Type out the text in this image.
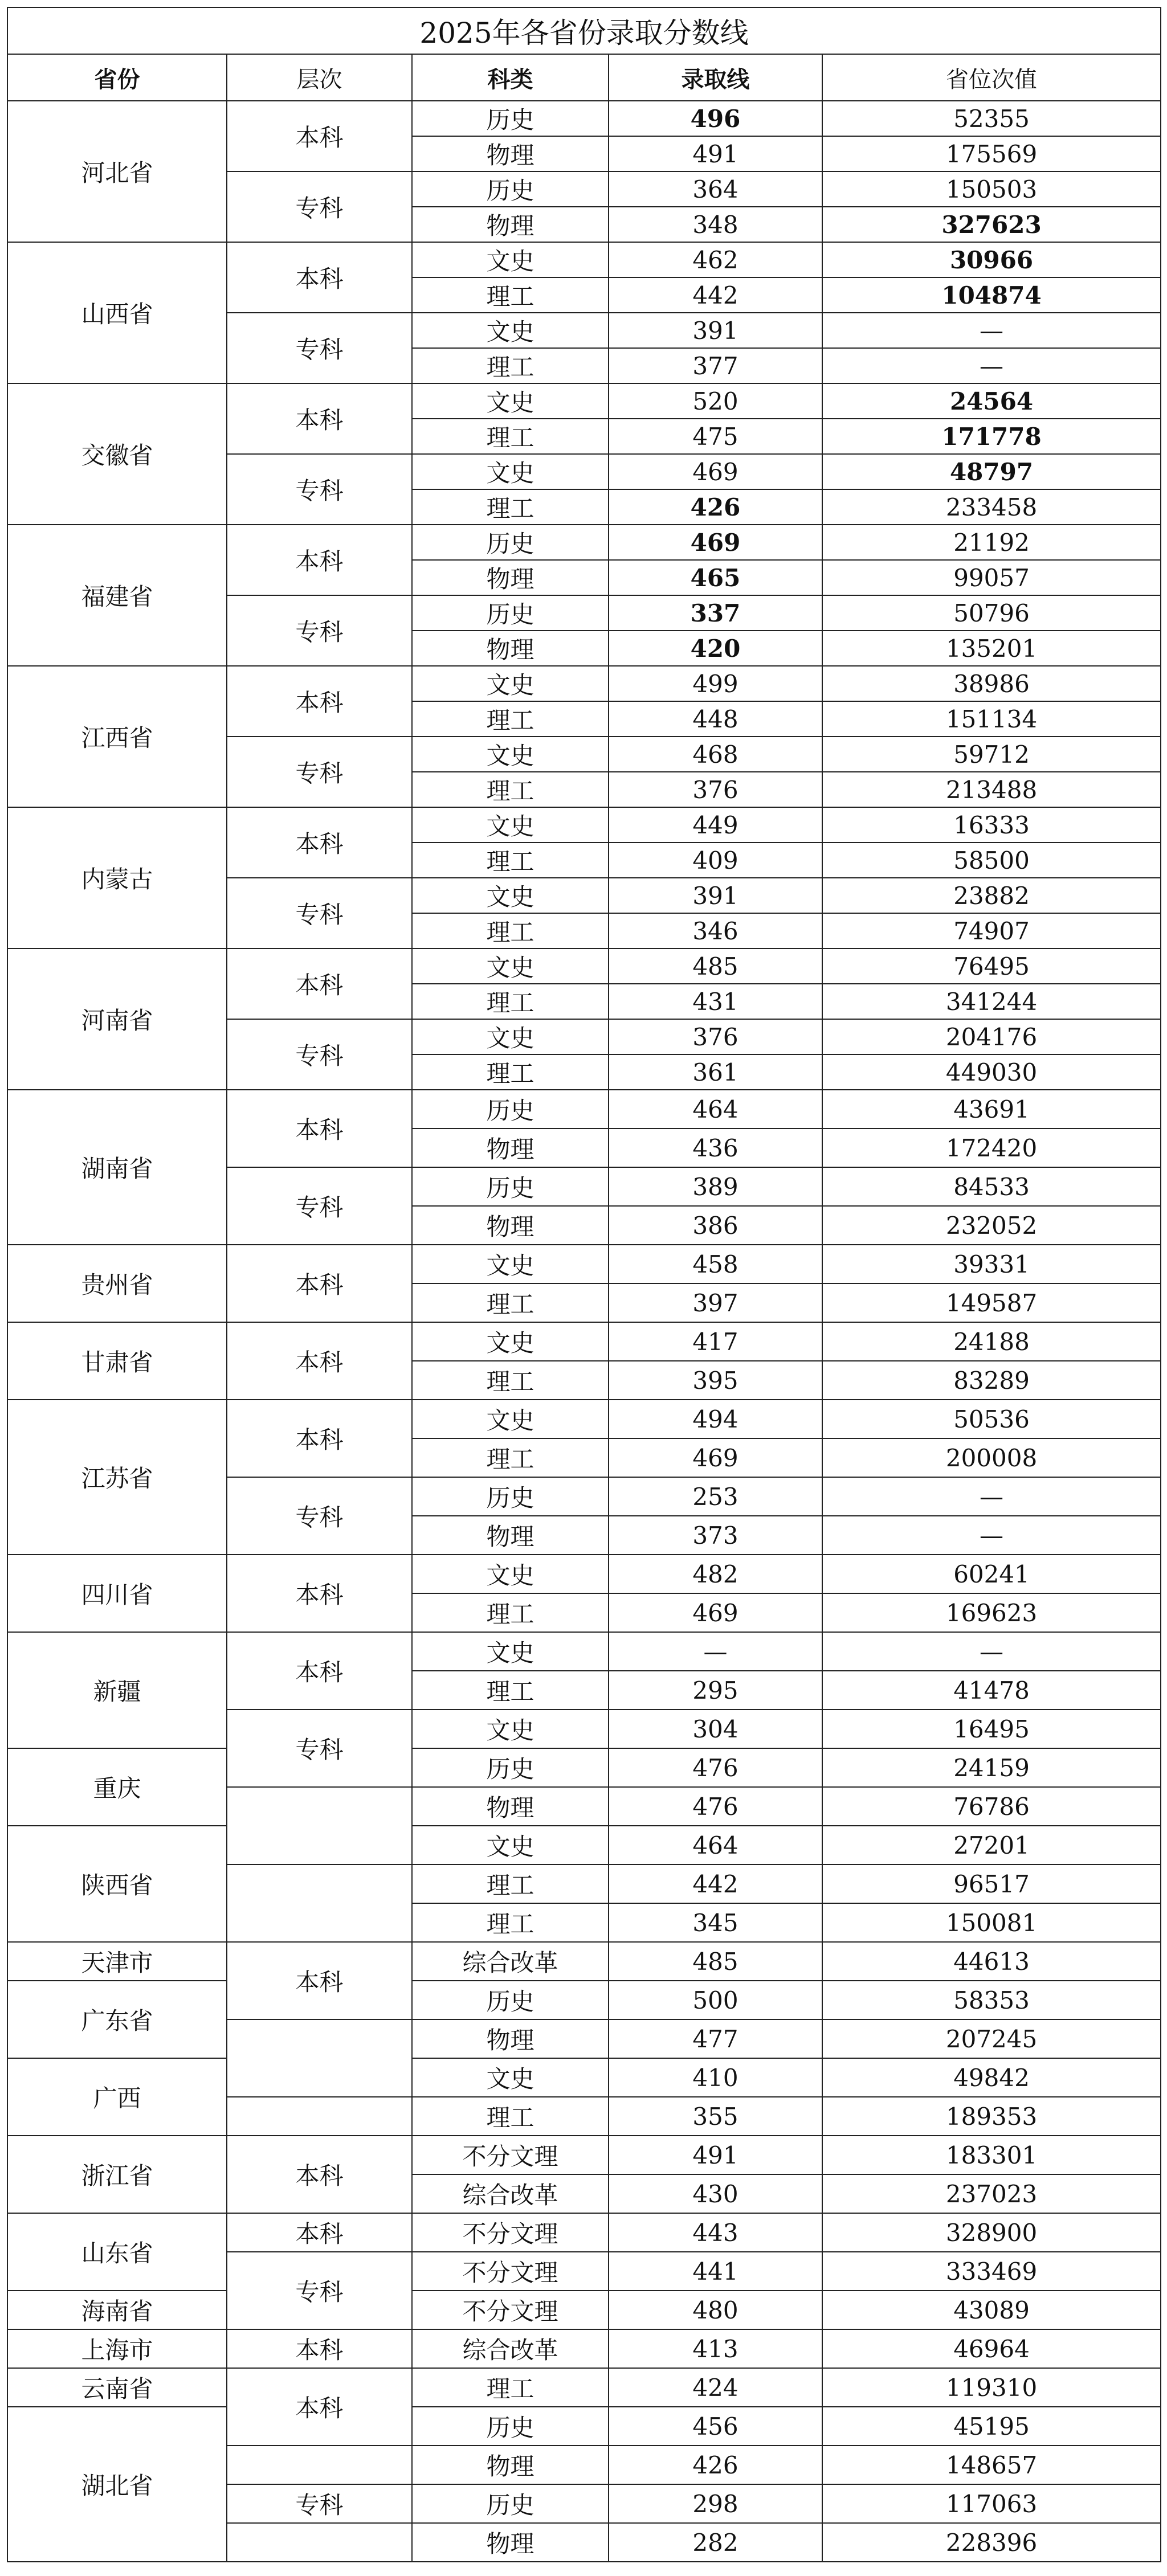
2025年各省份录取分数线				
省份	层次	科类	录取线	省位次值
河北省	本科	历史	496	52355
		物理	491	175569
	专科	历史	364	150503
		物理	348	327623
山西省	本科	文史	462	30966
		理工	442	104874
	专科	文史	391	—
		理工	377	—
交徽省	本科	文史	520	24564
		理工	475	171778
	专科	文史	469	48797
		理工	426	233458
福建省	本科	历史	469	21192
		物理	465	99057
	专科	历史	337	50796
		物理	420	135201
江西省	本科	文史	499	38986
		理工	448	151134
	专科	文史	468	59712
		理工	376	213488
内蒙古	本科	文史	449	16333
		理工	409	58500
	专科	文史	391	23882
		理工	346	74907
河南省	本科	文史	485	76495
		理工	431	341244
	专科	文史	376	204176
		理工	361	449030
湖南省	本科	历史	464	43691
		物理	436	172420
	专科	历史	389	84533
		物理	386	232052
贵州省	本科	文史	458	39331
		理工	397	149587
甘肃省	本科	文史	417	24188
		理工	395	83289
江苏省	本科	文史	494	50536
		理工	469	200008
	专科	历史	253	—
		物理	373	—
四川省	本科	文史	482	60241
		理工	469	169623
新疆	本科	文史	—	—
		理工	295	41478
	专科	文史	304	16495
重庆		历史	476	24159
		物理	476	76786
陕西省		文史	464	27201
		理工	442	96517
		理工	345	150081
天津市	本科	综合改革	485	44613
广东省		历史	500	58353
		物理	477	207245
广西		文史	410	49842
		理工	355	189353
浙江省	本科	不分文理	491	183301
		综合改革	430	237023
山东省	本科	不分文理	443	328900
	专科	不分文理	441	333469
海南省		不分文理	480	43089
上海市	本科	综合改革	413	46964
云南省	本科	理工	424	119310
湖北省		历史	456	45195
		物理	426	148657
	专科	历史	298	117063
		物理	282	228396
